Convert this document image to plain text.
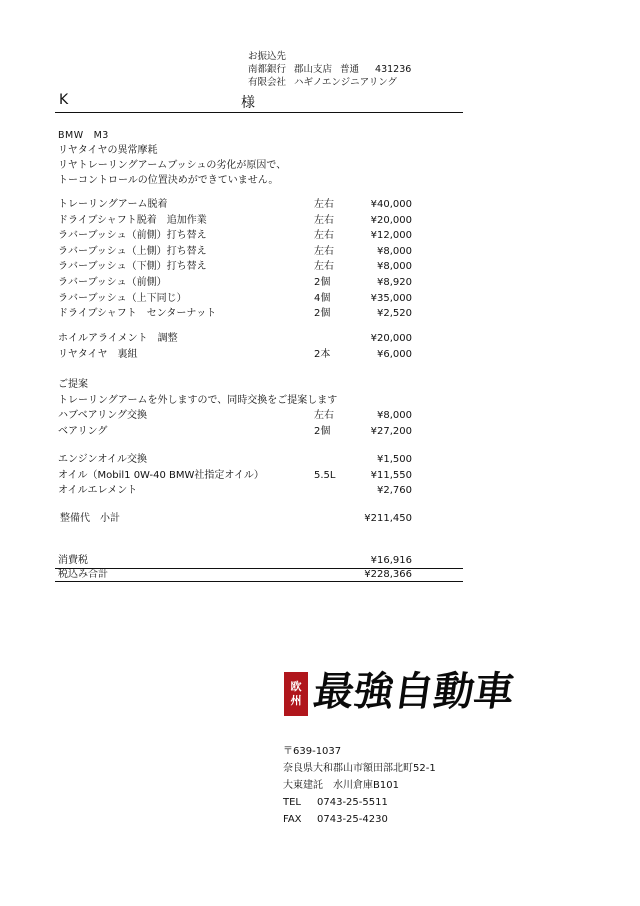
お振込先
南都銀行 郡山支店 普通 431236
有限会社 ハギノエンジニアリング
K	様
BMW　M3
リヤタイヤの異常摩耗
リヤトレーリングアームブッシュの劣化が原因で、
トーコントロールの位置決めができていません。
トレーリングアーム脱着	左右	¥40,000
ドライブシャフト脱着　追加作業	左右	¥20,000
ラバーブッシュ（前側）打ち替え	左右	¥12,000
ラバーブッシュ（上側）打ち替え	左右	¥8,000
ラバーブッシュ（下側）打ち替え	左右	¥8,000
ラバーブッシュ（前側）	2個	¥8,920
ラバーブッシュ（上下同じ）	4個	¥35,000
ドライブシャフト　センターナット	2個	¥2,520
ホイルアライメント　調整	¥20,000
リヤタイヤ　裏組	2本	¥6,000
ご提案
トレーリングアームを外しますので、同時交換をご提案します
ハブベアリング交換	左右	¥8,000
ベアリング	2個	¥27,200
エンジンオイル交換	¥1,500
オイル（Mobil1 0W-40 BMW社指定オイル）	5.5L	¥11,550
オイルエレメント	¥2,760
整備代　小計	¥211,450
消費税	¥16,916
税込み合計	¥228,366
欧
州 最強自動車
〒639-1037
奈良県大和郡山市額田部北町52-1
大東建託　水川倉庫B101
TEL 0743-25-5511
FAX 0743-25-4230
